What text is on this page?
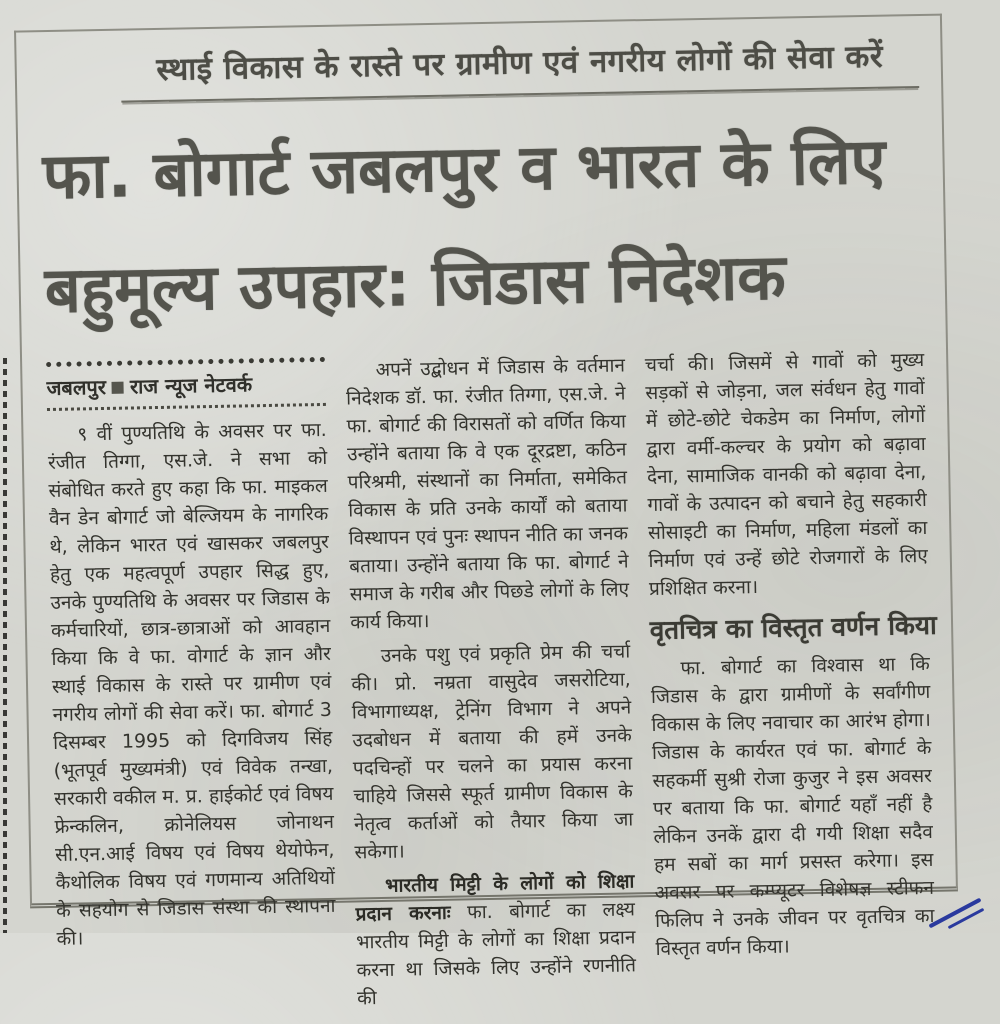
स्थाई विकास के रास्ते पर ग्रामीण एवं नगरीय लोगों की सेवा करें
फा. बोगार्ट जबलपुर व भारत के लिए
बहुमूल्य उपहार: जिडास निदेशक
जबलपुर राज न्यूज नेटवर्क

९ वीं पुण्यतिथि के अवसर पर फा. रंजीत तिग्गा, एस.जे. ने सभा को संबोधित करते हुए कहा कि फा. माइकल वैन डेन बोगार्ट जो बेल्जियम के नागरिक थे, लेकिन भारत एवं खासकर जबलपुर हेतु एक महत्वपूर्ण उपहार सिद्ध हुए, उनके पुण्यतिथि के अवसर पर जिडास के कर्मचारियों, छात्र-छात्राओं को आवहान किया कि वे फा. वोगार्ट के ज्ञान और स्थाई विकास के रास्ते पर ग्रामीण एवं नगरीय लोगों की सेवा करें। फा. बोगार्ट 3 दिसम्बर 1995 को दिगविजय सिंह (भूतपूर्व मुख्यमंत्री) एवं विवेक तन्खा, सरकारी वकील म. प्र. हाईकोर्ट एवं विषय फ्रेन्कलिन, क्रोनेलियस जोनाथन सी.एन.आई विषय एवं विषय थेयोफेन, कैथोलिक विषय एवं गणमान्य अतिथियों के सहयोग से जिडास संस्था की स्थापना की।

अपनें उद्बोधन में जिडास के वर्तमान निदेशक डॉ. फा. रंजीत तिग्गा, एस.जे. ने फा. बोगार्ट की विरासतों को वर्णित किया उन्होंने बताया कि वे एक दूरद्रष्टा, कठिन परिश्रमी, संस्थानों का निर्माता, समेकित विकास के प्रति उनके कार्यों को बताया विस्थापन एवं पुनः स्थापन नीति का जनक बताया। उन्होंने बताया कि फा. बोगार्ट ने समाज के गरीब और पिछडे लोगों के लिए कार्य किया।

उनके पशु एवं प्रकृति प्रेम की चर्चा की। प्रो. नम्रता वासुदेव जसरोटिया, विभागाध्यक्ष, ट्रेनिंग विभाग ने अपने उदबोधन में बताया की हमें उनके पदचिन्हों पर चलने का प्रयास करना चाहिये जिससे स्फूर्त ग्रामीण विकास के नेतृत्व कर्ताओं को तैयार किया जा सकेगा।

भारतीय मिट्टी के लोगों को शिक्षा प्रदान करनाः फा. बोगार्ट का लक्ष्य भारतीय मिट्टी के लोगों का शिक्षा प्रदान करना था जिसके लिए उन्होंने रणनीति की

चर्चा की। जिसमें से गावों को मुख्य सड़कों से जोड़ना, जल संर्वधन हेतु गावों में छोटे-छोटे चेकडेम का निर्माण, लोगों द्वारा वर्मी-कल्चर के प्रयोग को बढ़ावा देना, सामाजिक वानकी को बढ़ावा देना, गावों के उत्पादन को बचाने हेतु सहकारी सोसाइटी का निर्माण, महिला मंडलों का निर्माण एवं उन्हें छोटे रोजगारों के लिए प्रशिक्षित करना।

वृतचित्र का विस्तृत वर्णन किया

फा. बोगार्ट का विश्वास था कि जिडास के द्वारा ग्रामीणों के सर्वांगीण विकास के लिए नवाचार का आरंभ होगा। जिडास के कार्यरत एवं फा. बोगार्ट के सहकर्मी सुश्री रोजा कुजुर ने इस अवसर पर बताया कि फा. बोगार्ट यहाँ नहीं है लेकिन उनकें द्वारा दी गयी शिक्षा सदैव हम सबों का मार्ग प्रसस्त करेगा। इस अवसर पर कम्प्यूटर विशेषज्ञ स्टीफन फिलिप ने उनके जीवन पर वृतचित्र का विस्तृत वर्णन किया।
